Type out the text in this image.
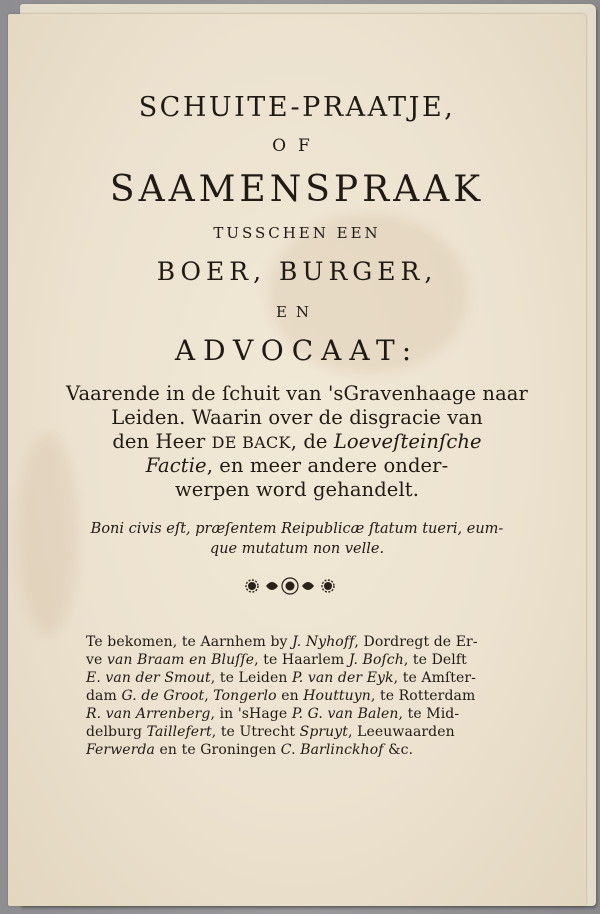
SCHUITE-PRAATJE,
OF
SAAMENSPRAAK
TUSSCHEN EEN
BOER, BURGER,
EN
ADVOCAAT:
Vaarende in de ſchuit van 'sGravenhaage naar
Leiden. Waarin over de disgracie van
den Heer DE BACK, de Loeveſteinſche
Factie, en meer andere onder-
werpen word gehandelt.
Boni civis eſt, præſentem Reipublicæ ſtatum tueri, eum-
que mutatum non velle.
Te bekomen, te Aarnhem by J. Nyhoff, Dordregt de Er-
ve van Braam en Bluſſe, te Haarlem J. Boſch, te Delft
E. van der Smout, te Leiden P. van der Eyk, te Amſter-
dam G. de Groot, Tongerlo en Houttuyn, te Rotterdam
R. van Arrenberg, in 'sHage P. G. van Balen, te Mid-
delburg Taillefert, te Utrecht Spruyt, Leeuwaarden
Ferwerda en te Groningen C. Barlinckhof &c.
